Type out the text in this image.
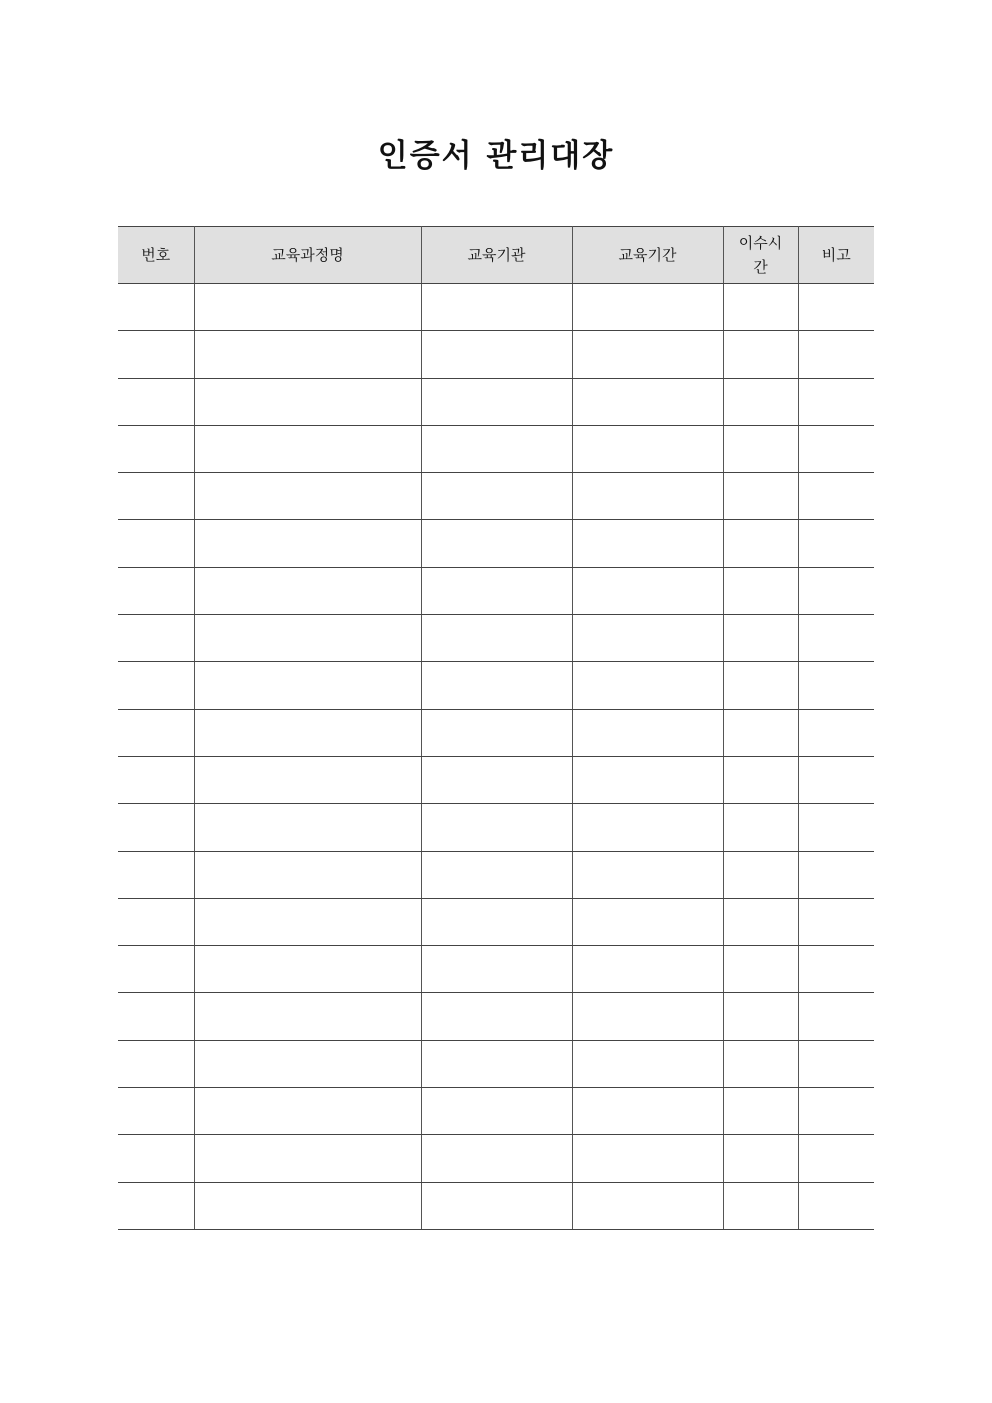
인증서 관리대장
번호	교육과정명	교육기관	교육기간	이수시간	비고
